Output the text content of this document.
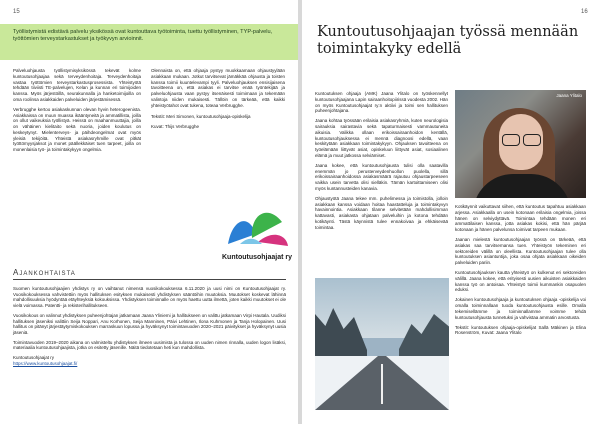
15
Työllistymistä edistävä palvelu yksikössä ovat kuntouttava työtoiminta, tuettu työllistyminen, TYP-palvelu, työttömien terveystarkastukset ja työkyvyn arvioinnit.

Palveluohjausta työllistymisyksikössä tekevät kolme kuntoutusohjaajaa sekä terveydenhoitaja. Terveydenhoitaja vastaa työttömien terveystarkastusprosessista. Yhteistyötä tehdään tiiviisti TE-palvelujen, Kelan ja kunnan eri toimijoiden kanssa. Myös järjestöillä, seurakunnalla ja hanketoimijoilla on oma roolinsa asiakkaiden palveluiden järjestämisessä.

Verbrugghe kertoo asiakaskunnan olevan hyvin heterogeenista. Asiakkaissa on muun muassa ikääntyneitä ja ammatillista, joilla on ollut vaikeuksia työllistyä. Heissä on maahanmuuttajia, joilla on vähäinen kielitaito sekä nuoria, joiden koulutus on keskeytynyt. Mielenterveys- ja päihdeongelmat ovat myös yleisiä tekijöitä. Yhteistä asiakasryhmille ovat pitkät työttömyysjaksot ja monet päällekkäiset tuen tarpeet, joilla on monenlaisia työ- ja toimintakykyyn ongelmia.

Olennaista on, että ohjaaja pystyy muokkaamaan ohjaustyylään asiakkaan mukaan. Jotkut tarvitsevat jämäkkää ohjausta ja toisten kanssa toimii kuuntelevampi tyyli. Palveluohjauksen ensisijaisena tavoitteena on, että asiakas ei tarvitse enää työntekijää ja palveluohjausta vaan pystyy itsenäisesti toimimaan ja tekemään valintoja niiden mukaisesti. Tällöin on tärkeää, että kaikki yhteistyötahot ovat tukena, toteaa Verbrugghe.

Tekstit: Meri Simonen, kuntoutusohjaaja-opiskelija

Kuvat: Thijs Verbrugghe

Kuntoutusohjaajat ry
Ajankohtaista

Suomen kuntoutusohjaajien yhdistys ry on vaihtanut nimensä vuosikokouksessa 6.11.2020 ja uusi nimi on Kuntoutusohjaajat ry. Vuosikokouksessa vahvistettiin myös hallituksen esityksen mukaisesti yhdistyksen sääntöihin muutoksia. Muutokset koskevat lähinnä mahdollisuuksia hyödyntää etäyhteyksiä kokouksissa. Yhdistyksen toiminnalle on myös haettu uutta ilmettä, joten kaikki muutokset ei ole vielä voimassa. Patentti- ja rekisterihallitukseen.

Vuosikokous on valinnut yhdistyksen puheenjohtajan jatkamaan Jaana Yliniemi ja hallitukseen on valittu jatkamaan Virpi Hautala. Uudiksi hallituksen jäseniksi valittiin Seija Noppari, Anu Korhonen, Seija Manninen, Päivi Lehtinen, Ilona Kuhmonen ja Tanja Holopainen. Uusi hallitus on pitänyt järjestäytymiskokouksen marraskuun lopussa ja hyväksynyt toimintavuoden 2020–2021 päivitykset ja hyväksynyt uusia jäseniä.

Toimintavuoden 2019–2020 aikana on valmisteltu yhdistyksen ilmeen uusimista ja tulossa on uuden nimen rinnalla, uuden logon lisäksi, materiaalia kuntoutusohjaajista, jotka on esitetty jäsenille. Näitä tiedotetaan heti kun mahdollista.

Kuntoutusohjaajat ry

https://www.kuntoutusohjaajat.fi/

16
Kuntoutusohjaajan työssä mennään toimintakyky edellä

Kuntoutuksen ohjaaja (AMK) Jaana Ylitalo on työskennellyt kuntoutusohjaajana Lapin sairaanhoitopiirissä vuodesta 2002. Hän on myös Kuntoutusohjaajat ry:n aktiivi ja toimi sen hallituksen puheenjohtajana.

Jaana kohtaa työssään erilaisia asiakasryhmiä, kuten neurologisia sairauksia sairastavia sekä tapaturmaisesti vammautuneita aikuisia. Valikka ollaan erikoissairaanhoidon kentällä, kuntoutusohjauksessa ei mennä diagnoosi edellä, vaan keskitytään asiakkaan toimintakykyyn. Ohjauksen tavoitteena on työelämään liittyvät asiat, opiskeluun liittyvät asiat, sosiaalinen elämä ja muut jatkossa selviämiset.

Jaana kokee, että kuntoutusohjausta tulisi olla saatavilla enemmän jo perusterveydenhuollon puolella, sillä erikoissairaanhoidossa asiakasmäärä rajautuu ohjaustarpeeseen vaikka usein tarvetta olisi sielläkin. Tämän kartoittamiseen olisi myös kuntannusteiden kanavia.

Ohjaustyötä Jaana tekee mm. puhelimessa ja toimistolla, jolloin asiakkaan kanssa voidaan hoitaa haastatteluja ja toimintakyvyn havainnointia. Asiakkaan tilanne selvitetään mahdollisimman kattavasti, asiakasta ohjataan palveluihin ja kotona tehdään kotikäynti. Tästä käynnistä tulee ennakoivaa ja ehkäisevää toimintaa.

Jaana Ylitalo

Kotikäynnit vaikuttavat siihen, että kuntoutus tapahtuu asiakkaan arjessa. Asiakkaalla on usein kotonaan erilaisia ongelmia, joissa hänen on selviydyttävä. Toimintaa tehdään monen eri ammattilaisen kanssa, jotta asiakas kokisi, että hän pärjää kotonaan ja hänen palvelunsa toimivat tarpeen mukaan.

Jaanan mielestä kuntoutusohjaajan työssä on tärkeää, että asiakas saa tarvitsemansa tuen. Yhteistyön tekeminen eri sektoreiden välillä on oleellista. Kuntoutusohjaajan tulee olla kuntoutuksen asiantuntija, joka osaa ohjata asiakkaan oikeiden palveluiden pariin.

Kuntoutusohjauksen kautta yhteistyö on kulkenut eri sektoreiden välillä. Jaana kokee, että erityisesti uusien aikuisten asiakkaiden kanssa työ on antoisaa. Yhteistyö toimii kummankin osapuolen eduksi.

Jokainen kuntoutusohjaaja ja kuntoutuksen ohjaaja -opiskelija voi omalla toiminnallaan tuoda kuntoutusohjausta esille. Omalla tekemisellämme ja toiminnallamme voimme tehdä kuntoutusohjausta tunnetuksi ja vahvistaa ammatin arvostusta.

Tekstit: kuntoutuksen ohjaaja-opiskelijat Sallä Mäkinen ja Elina Rosenström, Kuvat: Jaana Ylitalo
